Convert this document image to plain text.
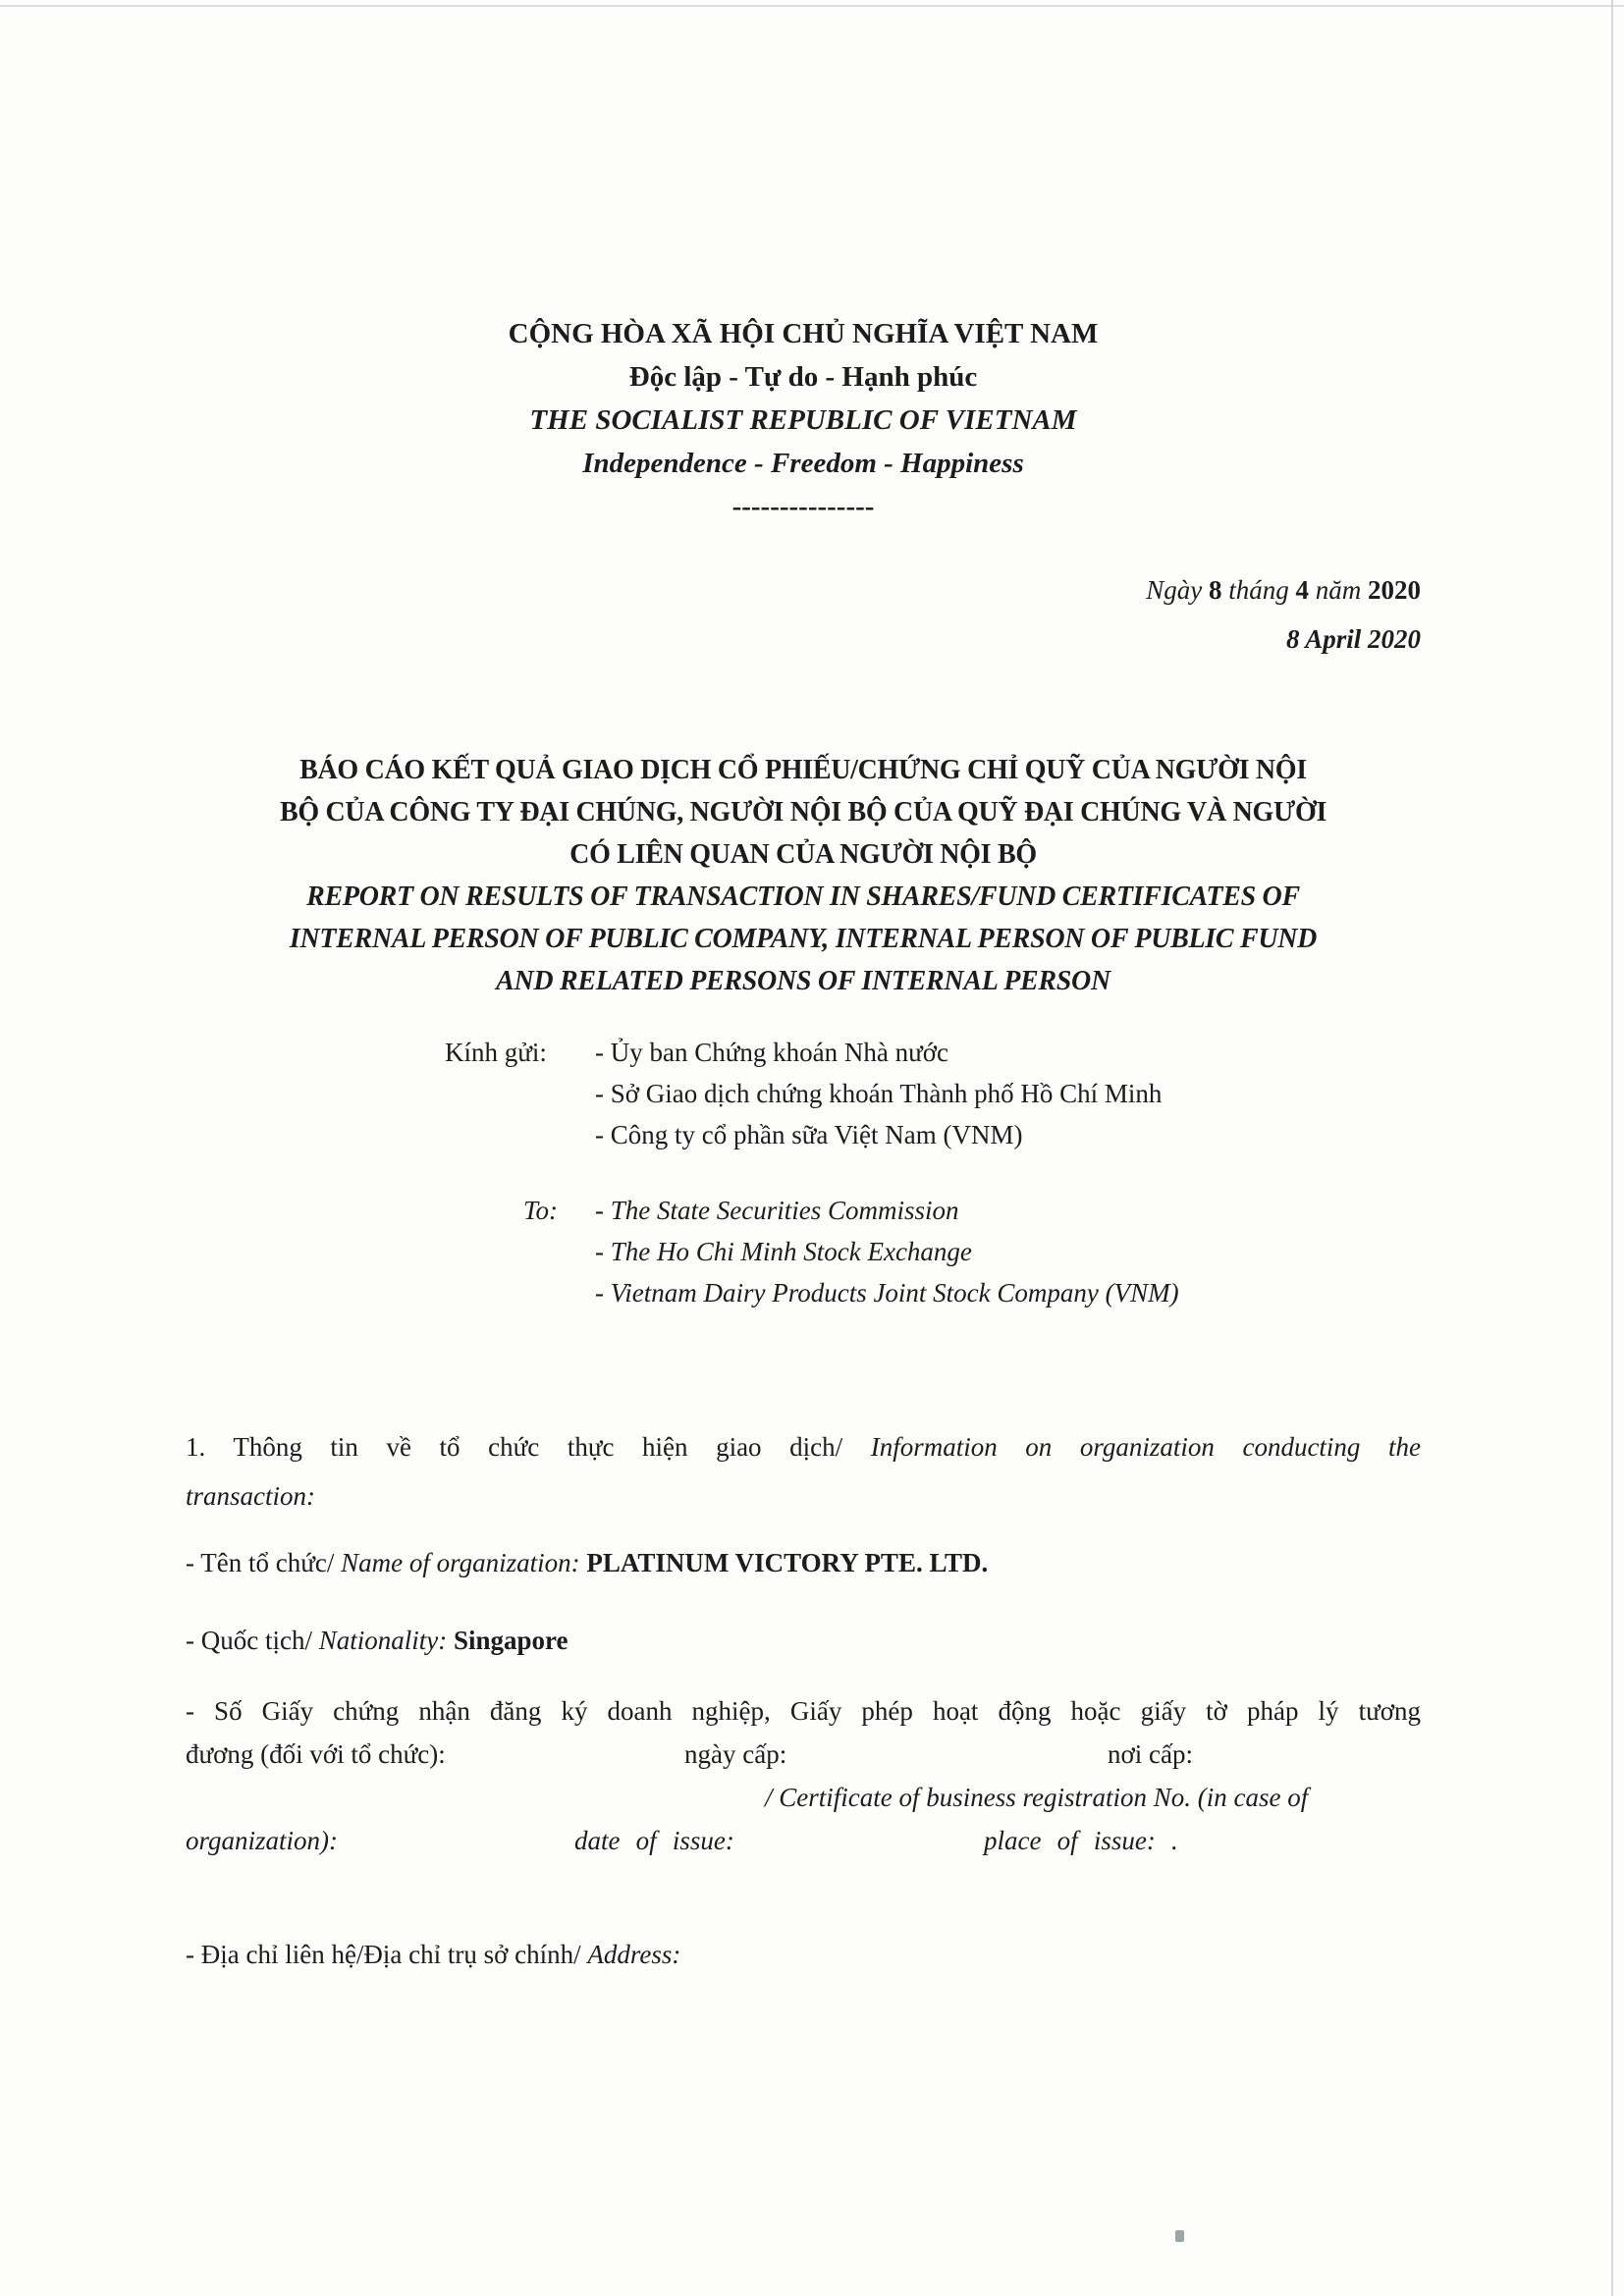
CỘNG HÒA XÃ HỘI CHỦ NGHĨA VIỆT NAM
Độc lập - Tự do - Hạnh phúc
THE SOCIALIST REPUBLIC OF VIETNAM
Independence - Freedom - Happiness
---------------
Ngày 8 tháng 4 năm 2020
8 April 2020
BÁO CÁO KẾT QUẢ GIAO DỊCH CỔ PHIẾU/CHỨNG CHỈ QUỸ CỦA NGƯỜI NỘI
BỘ CỦA CÔNG TY ĐẠI CHÚNG, NGƯỜI NỘI BỘ CỦA QUỸ ĐẠI CHÚNG VÀ NGƯỜI
CÓ LIÊN QUAN CỦA NGƯỜI NỘI BỘ
REPORT ON RESULTS OF TRANSACTION IN SHARES/FUND CERTIFICATES OF
INTERNAL PERSON OF PUBLIC COMPANY, INTERNAL PERSON OF PUBLIC FUND
AND RELATED PERSONS OF INTERNAL PERSON
Kính gửi: - Ủy ban Chứng khoán Nhà nước
- Sở Giao dịch chứng khoán Thành phố Hồ Chí Minh
- Công ty cổ phần sữa Việt Nam (VNM)
To: - The State Securities Commission
- The Ho Chi Minh Stock Exchange
- Vietnam Dairy Products Joint Stock Company (VNM)
1. Thông tin về tổ chức thực hiện giao dịch/ Information on organization conducting the
transaction:
- Tên tổ chức/ Name of organization: PLATINUM VICTORY PTE. LTD.
- Quốc tịch/ Nationality: Singapore
- Số Giấy chứng nhận đăng ký doanh nghiệp, Giấy phép hoạt động hoặc giấy tờ pháp lý tương
đương (đối với tổ chức):	ngày cấp:	nơi cấp:
/ Certificate of business registration No. (in case of
organization):	date of issue:	place of issue: .
- Địa chỉ liên hệ/Địa chỉ trụ sở chính/ Address:
